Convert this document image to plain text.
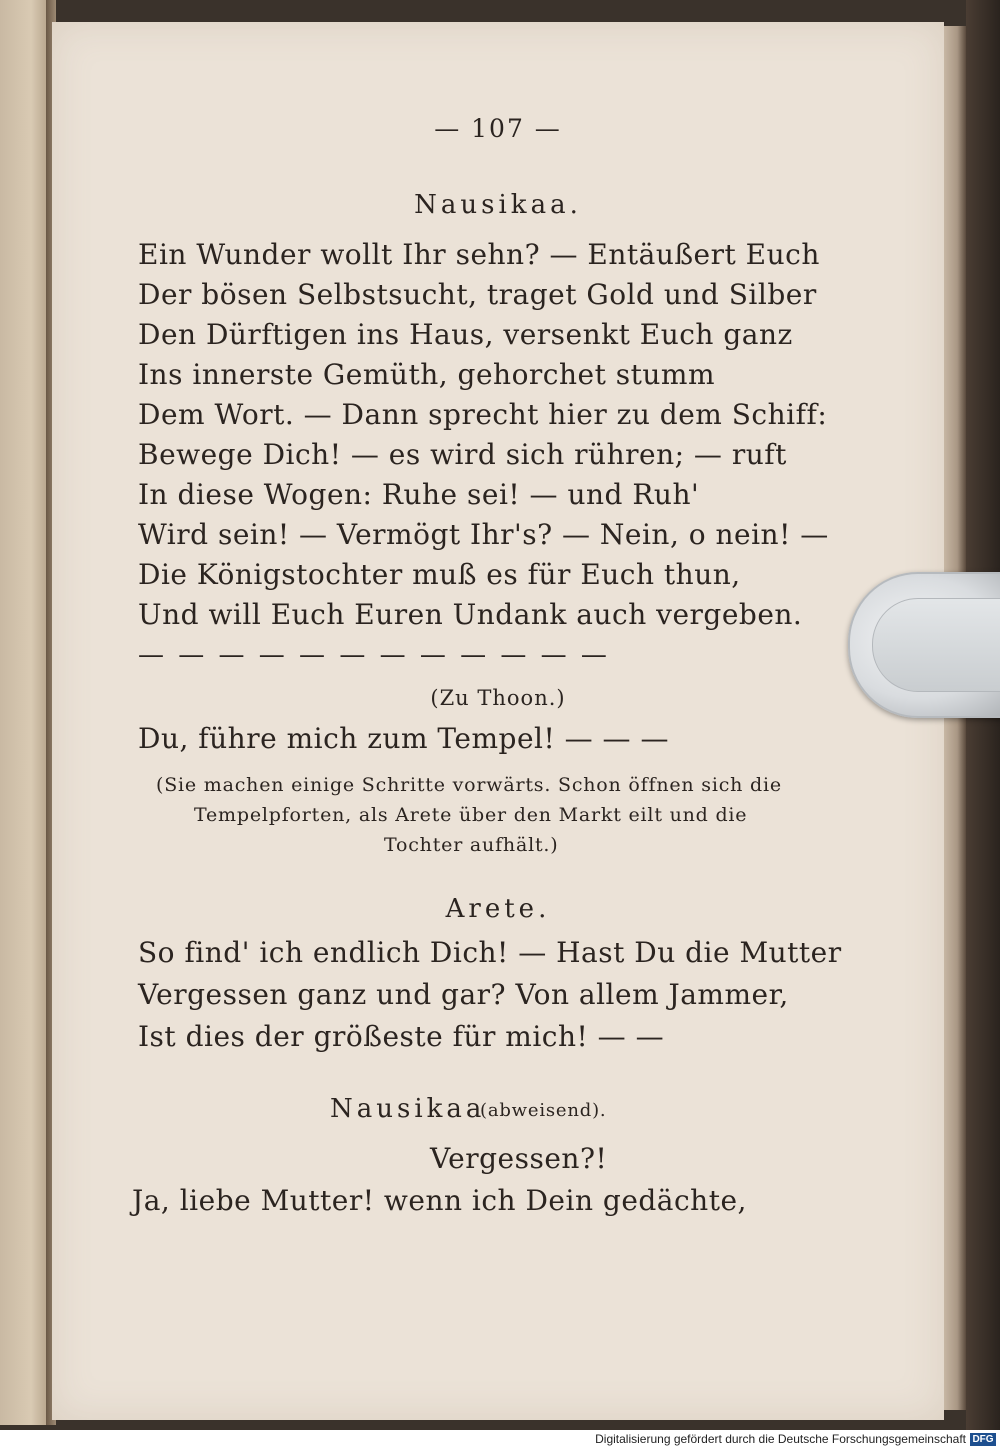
— 107 —
Nausikaa.
Ein Wunder wollt Ihr sehn? — Entäußert Euch
Der bösen Selbstsucht, traget Gold und Silber
Den Dürftigen ins Haus, versenkt Euch ganz
Ins innerste Gemüth, gehorchet stumm
Dem Wort. — Dann sprecht hier zu dem Schiff:
Bewege Dich! — es wird sich rühren; — ruft
In diese Wogen: Ruhe sei! — und Ruh'
Wird sein! — Vermögt Ihr's? — Nein, o nein! —
Die Königstochter muß es für Euch thun,
Und will Euch Euren Undank auch vergeben.
— — — — — — — — — — — —
(Zu Thoon.)
Du, führe mich zum Tempel! — — —
(Sie machen einige Schritte vorwärts. Schon öffnen sich die
Tempelpforten, als Arete über den Markt eilt und die
Tochter aufhält.)
Arete.
So find' ich endlich Dich! — Hast Du die Mutter
Vergessen ganz und gar? Von allem Jammer,
Ist dies der größeste für mich! — —
Nausikaa
(abweisend).
Vergessen?!
Ja, liebe Mutter! wenn ich Dein gedächte,
Digitalisierung gefördert durch die Deutsche Forschungsgemeinschaft DFG
